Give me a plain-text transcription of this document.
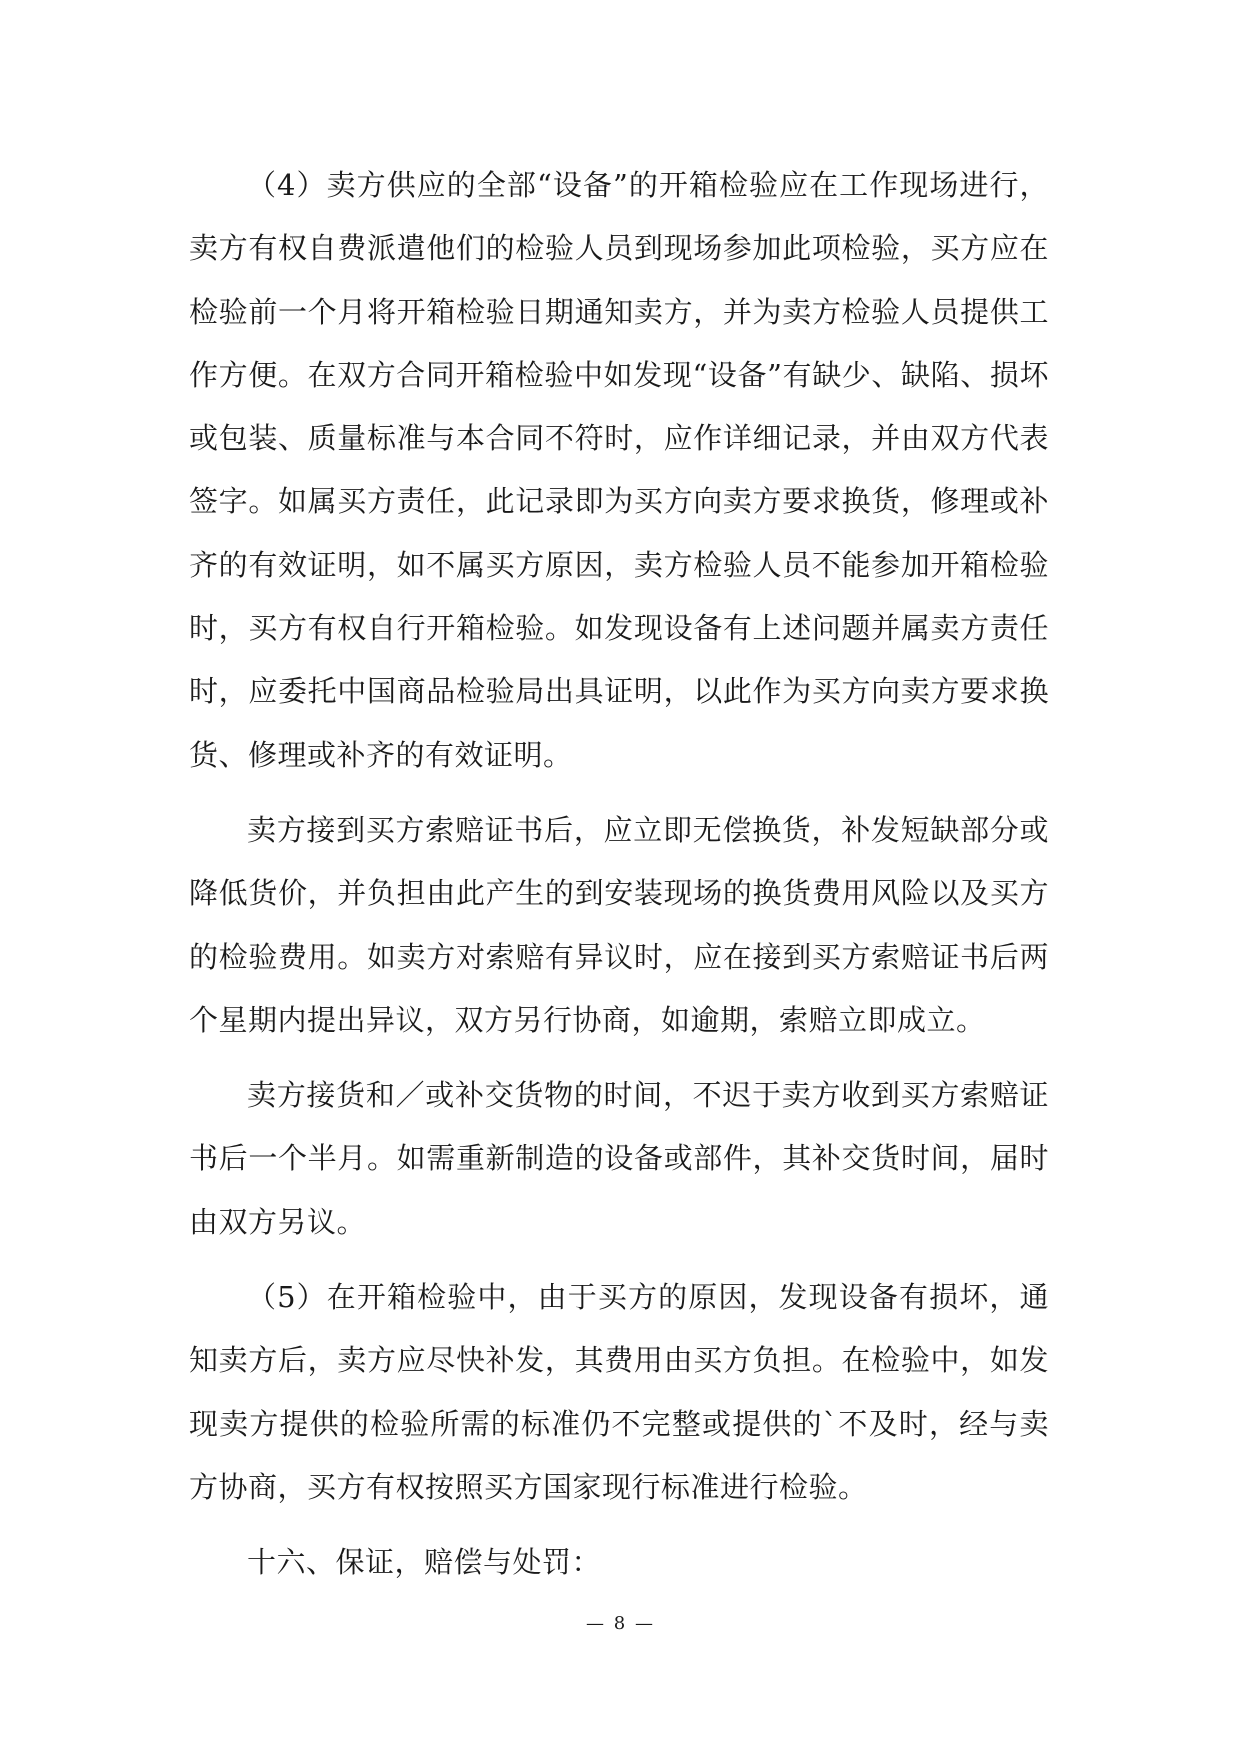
（4）卖方供应的全部“设备”的开箱检验应在工作现场进行，卖方有权自费派遣他们的检验人员到现场参加此项检验，买方应在检验前一个月将开箱检验日期通知卖方，并为卖方检验人员提供工作方便。在双方合同开箱检验中如发现“设备”有缺少、缺陷、损坏或包装、质量标准与本合同不符时，应作详细记录，并由双方代表签字。如属买方责任，此记录即为买方向卖方要求换货，修理或补齐的有效证明，如不属买方原因，卖方检验人员不能参加开箱检验时，买方有权自行开箱检验。如发现设备有上述问题并属卖方责任时，应委托中国商品检验局出具证明，以此作为买方向卖方要求换货、修理或补齐的有效证明。

卖方接到买方索赔证书后，应立即无偿换货，补发短缺部分或降低货价，并负担由此产生的到安装现场的换货费用风险以及买方的检验费用。如卖方对索赔有异议时，应在接到买方索赔证书后两个星期内提出异议，双方另行协商，如逾期，索赔立即成立。

卖方接货和／或补交货物的时间，不迟于卖方收到买方索赔证书后一个半月。如需重新制造的设备或部件，其补交货时间，届时由双方另议。

（5）在开箱检验中，由于买方的原因，发现设备有损坏，通知卖方后，卖方应尽快补发，其费用由买方负担。在检验中，如发现卖方提供的检验所需的标准仍不完整或提供的`不及时，经与卖方协商，买方有权按照买方国家现行标准进行检验。

十六、保证，赔偿与处罚：

— 8 —
